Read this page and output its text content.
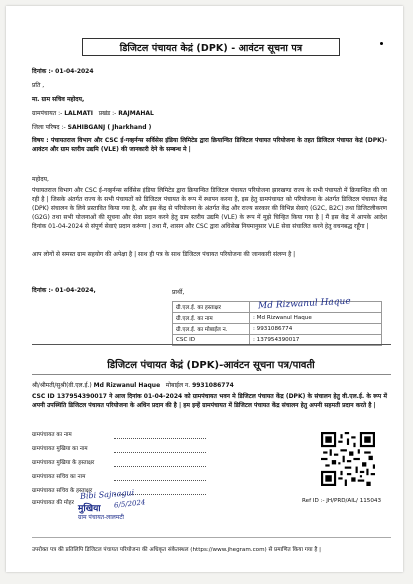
डिजिटल पंचायत केद्रं (DPK) - आवंटन सूचना पत्र
दिनांक :- 01-04-2024
प्रति ,
मा. ग्राम सचिव महोदय,
ग्रामपंचायत :- LALMATI प्रखंड :- RAJMAHAL
जिला परिषद :- SAHIBGANJ ( Jharkhand )
विषय : पंचायतराज विभाग और CSC ई-गव्हर्नन्स सर्विसेस इंडिया लिमिटेड द्वारा क्रियान्वित डिजिटल पंचायत परियोजना के तहत डिजिटल पंचायत केद्रं (DPK)-आवंटन और ग्राम स्तरीय उद्यमि (VLE) की जानकारी देने के सम्बन्ध मे |
महोदय,
पंचायतराज विभाग और CSC ई-गव्हर्नन्स सर्विसेस इंडिया लिमिटेड द्वारा क्रियान्वित डिजिटल पंचायत परियोजना झारखण्ड राज्य के सभी पंचायतो में क्रियान्वित की जा रही है | जिसके अंतर्गत राज्य के सभी पंचायतों को डिजिटल पंचायत के रूप में स्थापन करना है, इस हेतु ग्रामपंचायत को परियोजना के अंतर्गत डिजिटल पंचायत केंद्र (DPK) संचालन के लिये प्रस्तावित किया गया है, और इस केंद्र से परियोजना के अंतर्गत केंद्र और राज्य सरकार की विभिन्न सेवाएं (G2C, B2C) तथा डिजिटलीकरण (G2G) तथा सभी योजनाओं की सूचना और सेवा प्रदान करने हेतु ग्राम स्तरीय उद्यमि (VLE) के रूप में मुझे चिन्हित किया गया है | मैं इस केंद्र में आपके आदेश दिनांक 01-04-2024 से संपूर्ण सेवाएं प्रदान करूंगा | तथा मैं, शासन और CSC द्वारा अधिसेख नियमानुसार VLE सेवा संचालित करने हेतु वचनबद्ध रहूँगा |
आप लोगों से समस्त ग्राम सहयोग की अपेक्षा है | साथ ही पत्र के साथ डिजिटल पंचायत परियोजना की जानकारी संलग्न है |
दिनांक :- 01-04-2024,	प्रार्थी,
ग्री.एल.ई. का हस्ताक्षर	Md Rizwanul Haque

ग्री.एल.ई. का नाम	: Md Rizwanul Haque
ग्री.एल.ई. का मोबाईल न.	: 9931086774
CSC ID	: 137954390017
डिजिटल पंचायत केद्रं (DPK)-आवंटन सूचना पत्र/पावती
श्री/श्रीमती/सुश्री(वी.एल.ई.) Md Rizwanul Haque मोबाईल न. 9931086774
CSC ID 137954390017 ने आज दिनांक 01-04-2024 को ग्रामपंचायत भवन मे डिजिटल पंचायत केंद्र (DPK) के संचालन हेतु वी.एल.ई. के रूप में अपनी उपस्थिति डिजिटल पंचायत परियोजना के अधिन प्रदान की है | हम इन्हें ग्रामपंचायत में डिजिटल पंचायत केंद्र संचालन हेतु अपनी सहमती प्रदान करते है |
ग्रामपंचायत का नाम
ग्रामपंचायत मुखिया का नाम
ग्रामपंचायत मुखिया के हस्ताक्षर
ग्रामपंचायत सचिव का नाम
ग्रामपंचायत सचिव के हस्ताक्षर
ग्रामपंचायत की मोहर
Bibi Sajnagui
मुखिया 6/5/2024
ग्राम पंचायत-लालमटी
Ref ID :- JH/PRD/AIL/ 115043
उपरोक्त पत्र की प्रतिलिपि डिजिटल पंचायत परियोजना की अधिकृत संकेतस्थल (https://www.jhegram.com) से प्रमाणित किया गया है |
